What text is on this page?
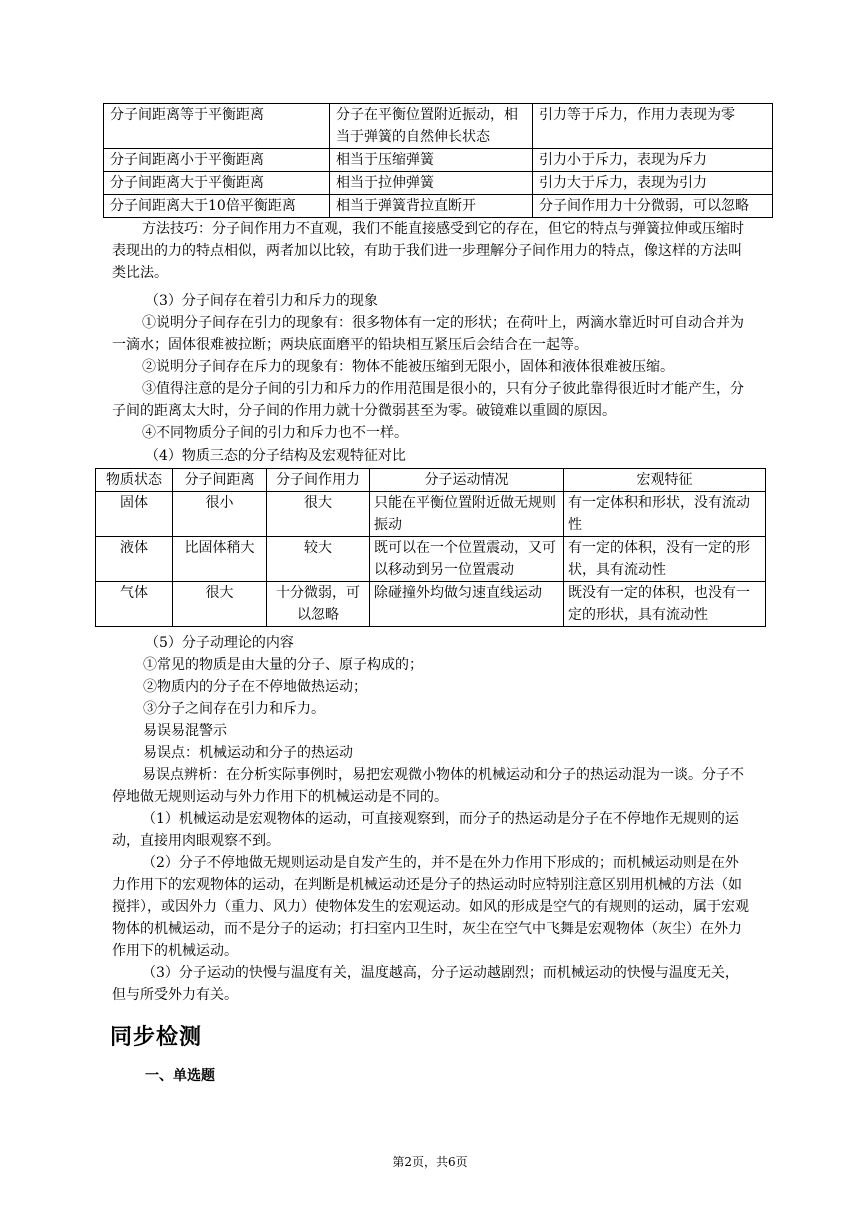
分子间距离等于平衡距离	分子在平衡位置附近振动，相当于弹簧的自然伸长状态	引力等于斥力，作用力表现为零
分子间距离小于平衡距离	相当于压缩弹簧	引力小于斥力，表现为斥力
分子间距离大于平衡距离	相当于拉伸弹簧	引力大于斥力，表现为引力
分子间距离大于10倍平衡距离	相当于弹簧背拉直断开	分子间作用力十分微弱，可以忽略

方法技巧：分子间作用力不直观，我们不能直接感受到它的存在，但它的特点与弹簧拉伸或压缩时表现出的力的特点相似，两者加以比较，有助于我们进一步理解分子间作用力的特点，像这样的方法叫类比法。

（3）分子间存在着引力和斥力的现象

①说明分子间存在引力的现象有：很多物体有一定的形状；在荷叶上，两滴水靠近时可自动合并为一滴水；固体很难被拉断；两块底面磨平的铅块相互紧压后会结合在一起等。

②说明分子间存在斥力的现象有：物体不能被压缩到无限小，固体和液体很难被压缩。

③值得注意的是分子间的引力和斥力的作用范围是很小的，只有分子彼此靠得很近时才能产生，分子间的距离太大时，分子间的作用力就十分微弱甚至为零。破镜难以重圆的原因。

④不同物质分子间的引力和斥力也不一样。

（4）物质三态的分子结构及宏观特征对比
物质状态	分子间距离	分子间作用力	分子运动情况	宏观特征
固体	很小	很大	只能在平衡位置附近做无规则振动	有一定体积和形状，没有流动性
液体	比固体稍大	较大	既可以在一个位置震动，又可以移动到另一位置震动	有一定的体积，没有一定的形状，具有流动性
气体	很大	十分微弱，可以忽略	除碰撞外均做匀速直线运动	既没有一定的体积，也没有一定的形状，具有流动性
（5）分子动理论的内容
①常见的物质是由大量的分子、原子构成的；
②物质内的分子在不停地做热运动；
③分子之间存在引力和斥力。
易误易混警示
易误点：机械运动和分子的热运动

易误点辨析：在分析实际事例时，易把宏观微小物体的机械运动和分子的热运动混为一谈。分子不停地做无规则运动与外力作用下的机械运动是不同的。

（1）机械运动是宏观物体的运动，可直接观察到，而分子的热运动是分子在不停地作无规则的运动，直接用肉眼观察不到。

（2）分子不停地做无规则运动是自发产生的，并不是在外力作用下形成的；而机械运动则是在外力作用下的宏观物体的运动，在判断是机械运动还是分子的热运动时应特别注意区别用机械的方法（如搅拌），或因外力（重力、风力）使物体发生的宏观运动。如风的形成是空气的有规则的运动，属于宏观物体的机械运动，而不是分子的运动；打扫室内卫生时，灰尘在空气中飞舞是宏观物体（灰尘）在外力作用下的机械运动。

（3）分子运动的快慢与温度有关，温度越高，分子运动越剧烈；而机械运动的快慢与温度无关，但与所受外力有关。

同步检测
一、单选题
第2页，共6页
